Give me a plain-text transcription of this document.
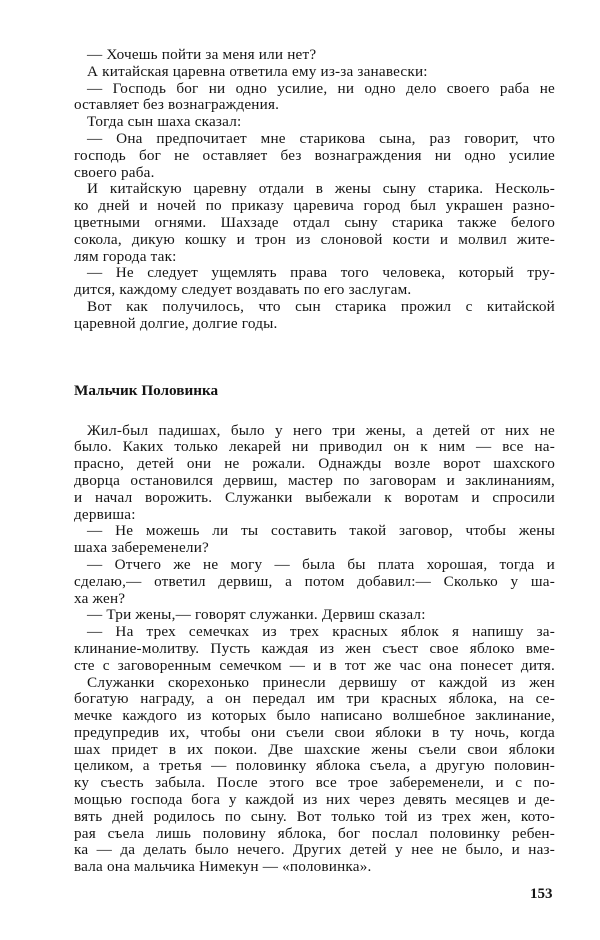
— Хочешь пойти за меня или нет?
А китайская царевна ответила ему из-за занавески:
— Господь бог ни одно усилие, ни одно дело своего раба не
оставляет без вознаграждения.
Тогда сын шаха сказал:
— Она предпочитает мне старикова сына, раз говорит, что
господь бог не оставляет без вознаграждения ни одно усилие
своего раба.
И китайскую царевну отдали в жены сыну старика. Несколь-
ко дней и ночей по приказу царевича город был украшен разно-
цветными огнями. Шахзаде отдал сыну старика также белого
сокола, дикую кошку и трон из слоновой кости и молвил жите-
лям города так:
— Не следует ущемлять права того человека, который тру-
дится, каждому следует воздавать по его заслугам.
Вот как получилось, что сын старика прожил с китайской
царевной долгие, долгие годы.
Мальчик Половинка
Жил-был падишах, было у него три жены, а детей от них не
было. Каких только лекарей ни приводил он к ним — все на-
прасно, детей они не рожали. Однажды возле ворот шахского
дворца остановился дервиш, мастер по заговорам и заклинаниям,
и начал ворожить. Служанки выбежали к воротам и спросили
дервиша:
— Не можешь ли ты составить такой заговор, чтобы жены
шаха забеременели?
— Отчего же не могу — была бы плата хорошая, тогда и
сделаю,— ответил дервиш, а потом добавил:— Сколько у ша-
ха жен?
— Три жены,— говорят служанки. Дервиш сказал:
— На трех семечках из трех красных яблок я напишу за-
клинание-молитву. Пусть каждая из жен съест свое яблоко вме-
сте с заговоренным семечком — и в тот же час она понесет дитя.
Служанки скорехонько принесли дервишу от каждой из жен
богатую награду, а он передал им три красных яблока, на се-
мечке каждого из которых было написано волшебное заклинание,
предупредив их, чтобы они съели свои яблоки в ту ночь, когда
шах придет в их покои. Две шахские жены съели свои яблоки
целиком, а третья — половинку яблока съела, а другую половин-
ку съесть забыла. После этого все трое забеременели, и с по-
мощью господа бога у каждой из них через девять месяцев и де-
вять дней родилось по сыну. Вот только той из трех жен, кото-
рая съела лишь половину яблока, бог послал половинку ребен-
ка — да делать было нечего. Других детей у нее не было, и наз-
вала она мальчика Нимекун — «половинка».
153
